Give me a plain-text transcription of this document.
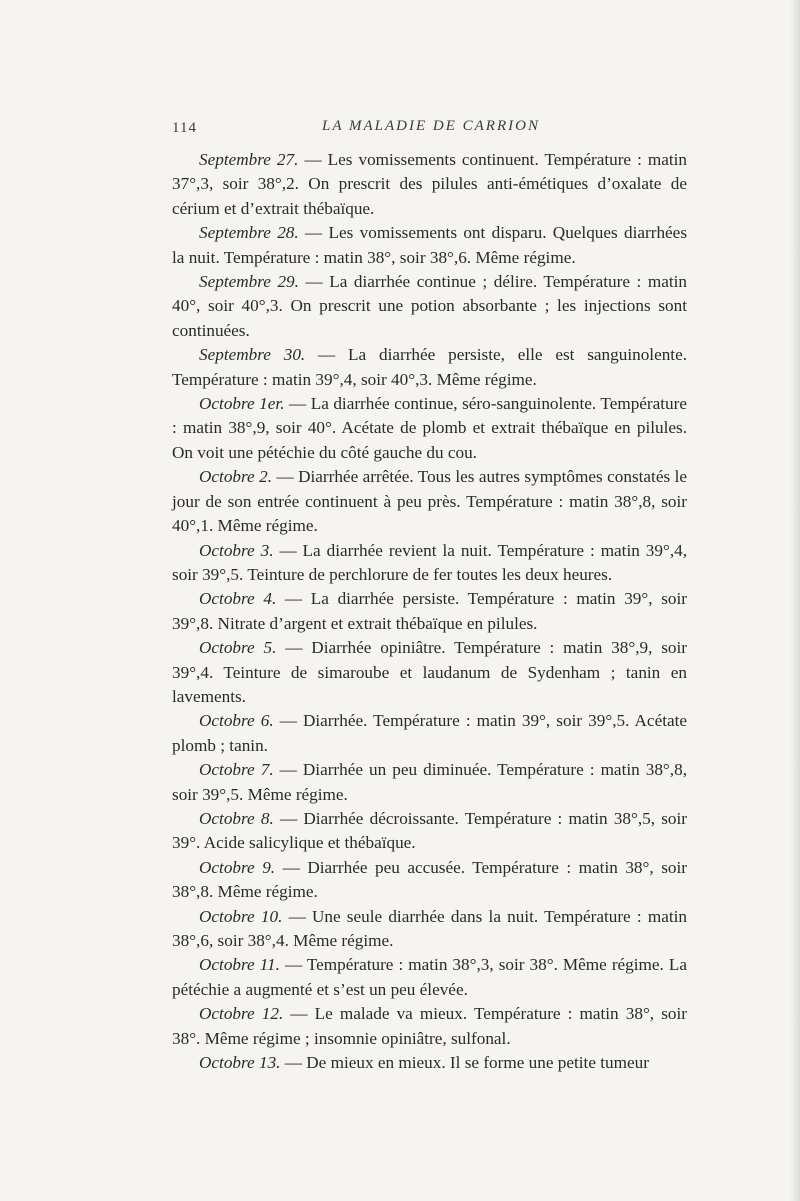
114	LA MALADIE DE CARRION

Septembre 27. — Les vomissements continuent. Température : matin 37°,3, soir 38°,2. On prescrit des pilules anti-émétiques d’oxalate de cérium et d’extrait thébaïque.

Septembre 28. — Les vomissements ont disparu. Quelques diarrhées la nuit. Température : matin 38°, soir 38°,6. Même régime.

Septembre 29. — La diarrhée continue ; délire. Température : matin 40°, soir 40°,3. On prescrit une potion absorbante ; les injections sont continuées.

Septembre 30. — La diarrhée persiste, elle est sanguinolente. Température : matin 39°,4, soir 40°,3. Même régime.

Octobre 1er. — La diarrhée continue, séro-sanguinolente. Température : matin 38°,9, soir 40°. Acétate de plomb et extrait thébaïque en pilules. On voit une pétéchie du côté gauche du cou.

Octobre 2. — Diarrhée arrêtée. Tous les autres symptômes constatés le jour de son entrée continuent à peu près. Température : matin 38°,8, soir 40°,1. Même régime.

Octobre 3. — La diarrhée revient la nuit. Température : matin 39°,4, soir 39°,5. Teinture de perchlorure de fer toutes les deux heures.

Octobre 4. — La diarrhée persiste. Température : matin 39°, soir 39°,8. Nitrate d’argent et extrait thébaïque en pilules.

Octobre 5. — Diarrhée opiniâtre. Température : matin 38°,9, soir 39°,4. Teinture de simaroube et laudanum de Sydenham ; tanin en lavements.

Octobre 6. — Diarrhée. Température : matin 39°, soir 39°,5. Acétate plomb ; tanin.

Octobre 7. — Diarrhée un peu diminuée. Température : matin 38°,8, soir 39°,5. Même régime.

Octobre 8. — Diarrhée décroissante. Température : matin 38°,5, soir 39°. Acide salicylique et thébaïque.

Octobre 9. — Diarrhée peu accusée. Température : matin 38°, soir 38°,8. Même régime.

Octobre 10. — Une seule diarrhée dans la nuit. Température : matin 38°,6, soir 38°,4. Même régime.

Octobre 11. — Température : matin 38°,3, soir 38°. Même régime. La pétéchie a augmenté et s’est un peu élevée.

Octobre 12. — Le malade va mieux. Température : matin 38°, soir 38°. Même régime ; insomnie opiniâtre, sulfonal.

Octobre 13. — De mieux en mieux. Il se forme une petite tumeur
